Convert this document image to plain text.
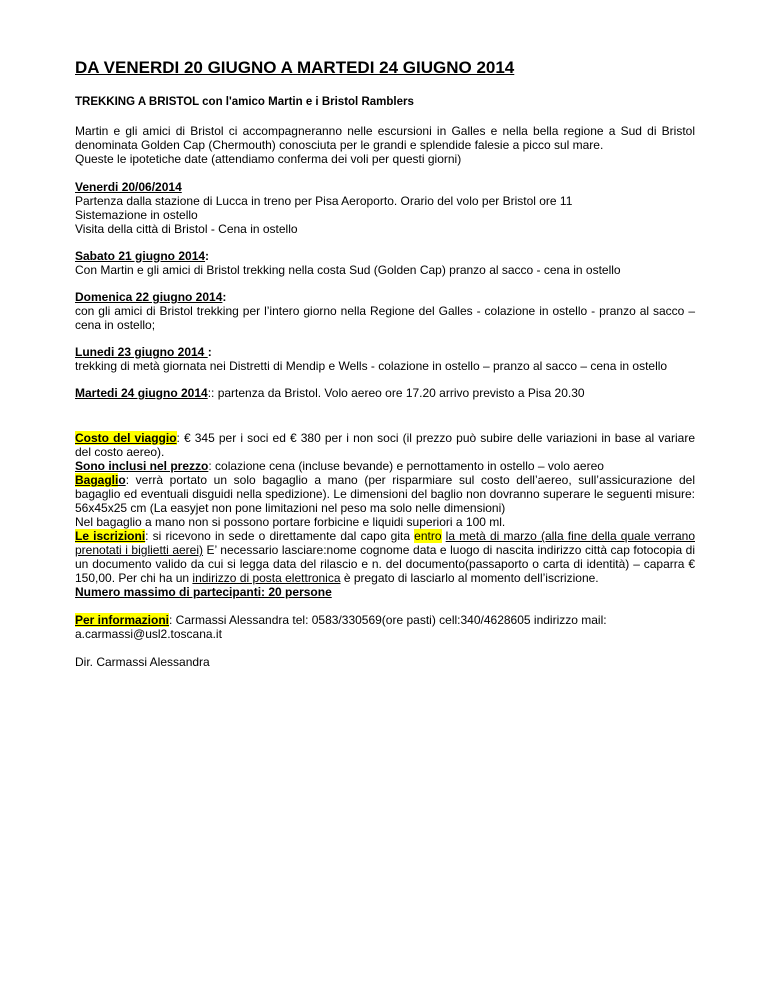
DA VENERDI 20 GIUGNO A MARTEDI 24 GIUGNO 2014
TREKKING A BRISTOL con l'amico Martin e i Bristol Ramblers

Martin e gli amici di Bristol ci accompagneranno nelle escursioni in Galles e nella bella regione a Sud di Bristol denominata Golden Cap (Chermouth) conosciuta per le grandi e splendide falesie a picco sul mare.

Queste le ipotetiche date (attendiamo conferma dei voli per questi giorni)

Venerdi 20/06/2014

Partenza dalla stazione di Lucca in treno per Pisa Aeroporto. Orario del volo per Bristol ore 11

Sistemazione in ostello

Visita della città di Bristol - Cena in ostello

Sabato 21 giugno 2014:

Con Martin e gli amici di Bristol trekking nella costa Sud (Golden Cap) pranzo al sacco - cena in ostello

Domenica 22 giugno 2014:

con gli amici di Bristol trekking per l’intero giorno nella Regione del Galles - colazione in ostello - pranzo al sacco – cena in ostello;

Lunedi 23 giugno 2014 :

trekking di metà giornata nei Distretti di Mendip e Wells - colazione in ostello – pranzo al sacco – cena in ostello

Martedi 24 giugno 2014:: partenza da Bristol. Volo aereo ore 17.20 arrivo previsto a Pisa 20.30

Costo del viaggio: € 345 per i soci ed € 380 per i non soci (il prezzo può subire delle variazioni in base al variare del costo aereo).

Sono inclusi nel prezzo: colazione cena (incluse bevande) e pernottamento in ostello – volo aereo

Bagaglio: verrà portato un solo bagaglio a mano (per risparmiare sul costo dell’aereo, sull’assicurazione del bagaglio ed eventuali disguidi nella spedizione). Le dimensioni del baglio non dovranno superare le seguenti misure: 56x45x25 cm (La easyjet non pone limitazioni nel peso ma solo nelle dimensioni)

Nel bagaglio a mano non si possono portare forbicine e liquidi superiori a 100 ml.

Le iscrizioni: si ricevono in sede o direttamente dal capo gita entro la metà di marzo (alla fine della quale verrano prenotati i biglietti aerei) E’ necessario lasciare:nome cognome data e luogo di nascita indirizzo città cap fotocopia di un documento valido da cui si legga data del rilascio e n. del documento(passaporto o carta di identità) – caparra € 150,00. Per chi ha un indirizzo di posta elettronica è pregato di lasciarlo al momento dell’iscrizione.

Numero massimo di partecipanti: 20 persone

Per informazioni: Carmassi Alessandra tel: 0583/330569(ore pasti) cell:340/4628605 indirizzo mail: a.carmassi@usl2.toscana.it

Dir. Carmassi Alessandra
